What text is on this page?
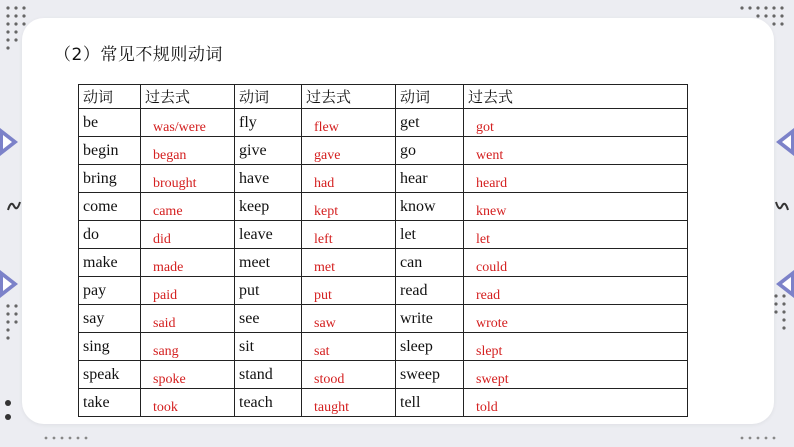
（2）常见不规则动词
动词	过去式	动词	过去式	动词	过去式
be	was/were	fly	flew	get	got
begin	began	give	gave	go	went
bring	brought	have	had	hear	heard
come	came	keep	kept	know	knew
do	did	leave	left	let	let
make	made	meet	met	can	could
pay	paid	put	put	read	read
say	said	see	saw	write	wrote
sing	sang	sit	sat	sleep	slept
speak	spoke	stand	stood	sweep	swept
take	took	teach	taught	tell	told
